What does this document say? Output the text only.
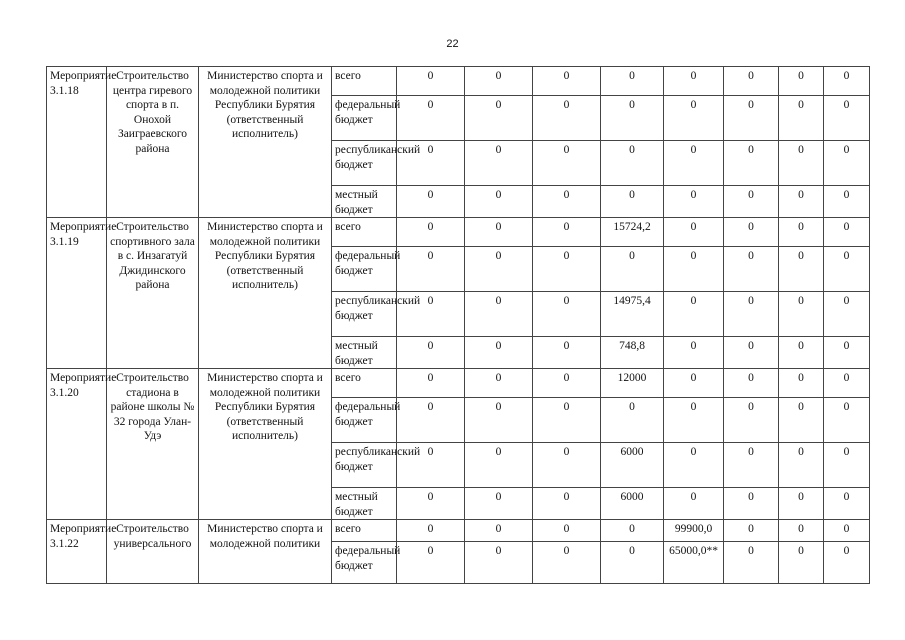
22
Мероприятие 3.1.18	Строительство центра гиревого спорта в п. Онохой Заиграевского района	Министерство спорта и молодежной политики Республики Бурятия (ответственный исполнитель)	всего	0	0	0	0	0	0	0	0
			федеральный бюджет	0	0	0	0	0	0	0	0
			республиканский бюджет	0	0	0	0	0	0	0	0
			местный бюджет	0	0	0	0	0	0	0	0
Мероприятие 3.1.19	Строительство спортивного зала в с. Инзагатуй Джидинского района	Министерство спорта и молодежной политики Республики Бурятия (ответственный исполнитель)	всего	0	0	0	15724,2	0	0	0	0
			федеральный бюджет	0	0	0	0	0	0	0	0
			республиканский бюджет	0	0	0	14975,4	0	0	0	0
			местный бюджет	0	0	0	748,8	0	0	0	0
Мероприятие 3.1.20	Строительство стадиона в районе школы № 32 города Улан-Удэ	Министерство спорта и молодежной политики Республики Бурятия (ответственный исполнитель)	всего	0	0	0	12000	0	0	0	0
			федеральный бюджет	0	0	0	0	0	0	0	0
			республиканский бюджет	0	0	0	6000	0	0	0	0
			местный бюджет	0	0	0	6000	0	0	0	0
Мероприятие 3.1.22	Строительство универсального	Министерство спорта и молодежной политики	всего	0	0	0	0	99900,0	0	0	0
			федеральный бюджет	0	0	0	0	65000,0**	0	0	0
